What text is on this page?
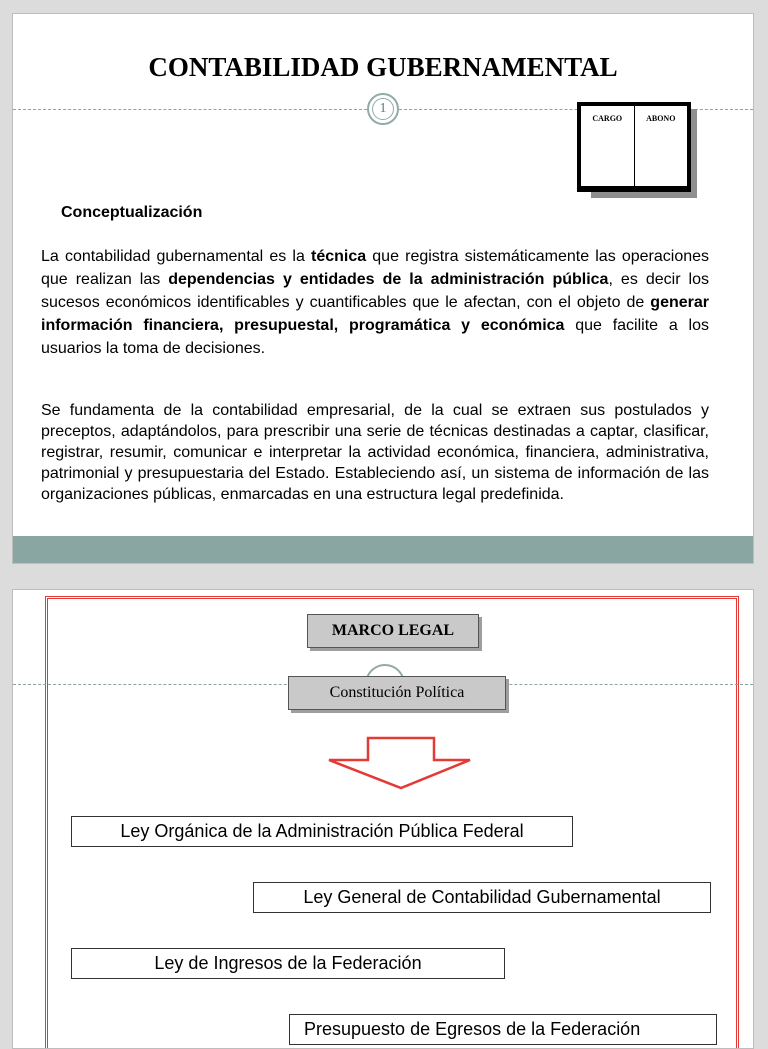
CONTABILIDAD GUBERNAMENTAL
1
CARGO	ABONO
Conceptualización

La contabilidad gubernamental es la técnica que registra sistemáticamente las operaciones que realizan las dependencias y entidades de la administración pública, es decir los sucesos económicos identificables y cuantificables que le afectan, con el objeto de generar información financiera, presupuestal, programática y económica que facilite a los usuarios la toma de decisiones.

Se fundamenta de la contabilidad empresarial, de la cual se extraen sus postulados y preceptos, adaptándolos, para prescribir una serie de técnicas destinadas a captar, clasificar, registrar, resumir, comunicar e interpretar la actividad económica, financiera, administrativa, patrimonial y presupuestaria del Estado. Estableciendo así, un sistema de información de las organizaciones públicas, enmarcadas en una estructura legal predefinida.

MARCO LEGAL
Constitución Política
Ley Orgánica de la Administración Pública Federal
Ley General de Contabilidad Gubernamental
Ley de Ingresos de la Federación
Presupuesto de Egresos de la Federación
